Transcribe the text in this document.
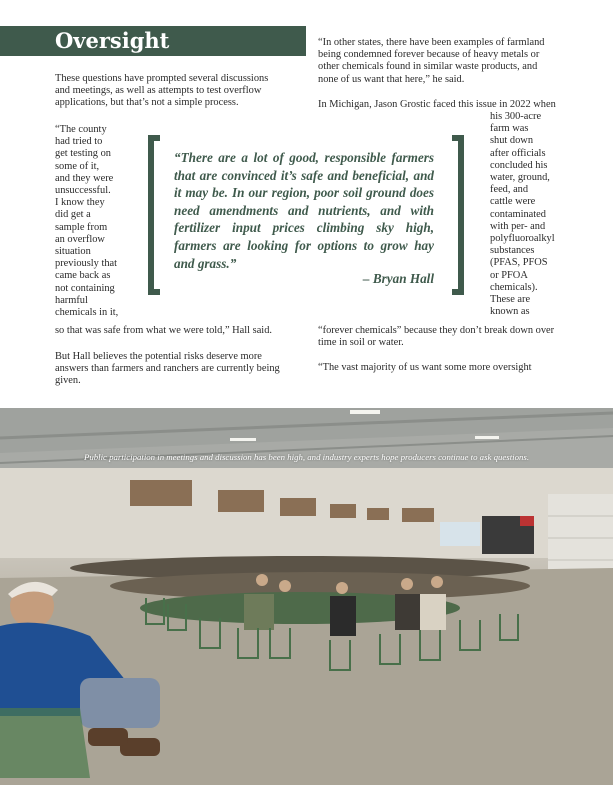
Oversight

These questions have prompted several discussions and meetings, as well as attempts to test overflow applications, but that’s not a simple process.

“The county
had tried to
get testing on
some of it,
and they were
unsuccessful.
I know they
did get a
sample from
an overflow
situation
previously that
came back as
not containing
harmful
chemicals in it,

so that was safe from what we were told,” Hall said.

But Hall believes the potential risks deserve more answers than farmers and ranchers are currently being given.

“In other states, there have been examples of farmland being condemned forever because of heavy metals or other chemicals found in similar waste products, and none of us want that here,” he said.

In Michigan, Jason Grostic faced this issue in 2022 when

his 300-acre
farm was
shut down
after officials
concluded his
water, ground,
feed, and
cattle were
contaminated
with per- and
polyfluoroalkyl
substances
(PFAS, PFOS
or PFOA
chemicals).
These are
known as

“forever chemicals” because they don’t break down over time in soil or water.

“The vast majority of us want some more oversight

“There are a lot of good, responsible farmers that are convinced it’s safe and beneficial, and it may be. In our region, poor soil ground does need amendments and nutrients, and with fertilizer input prices climbing sky high, farmers are looking for options to grow hay and grass.”

– Bryan Hall
Public participation in meetings and discussion has been high, and industry experts hope producers continue to ask questions.
